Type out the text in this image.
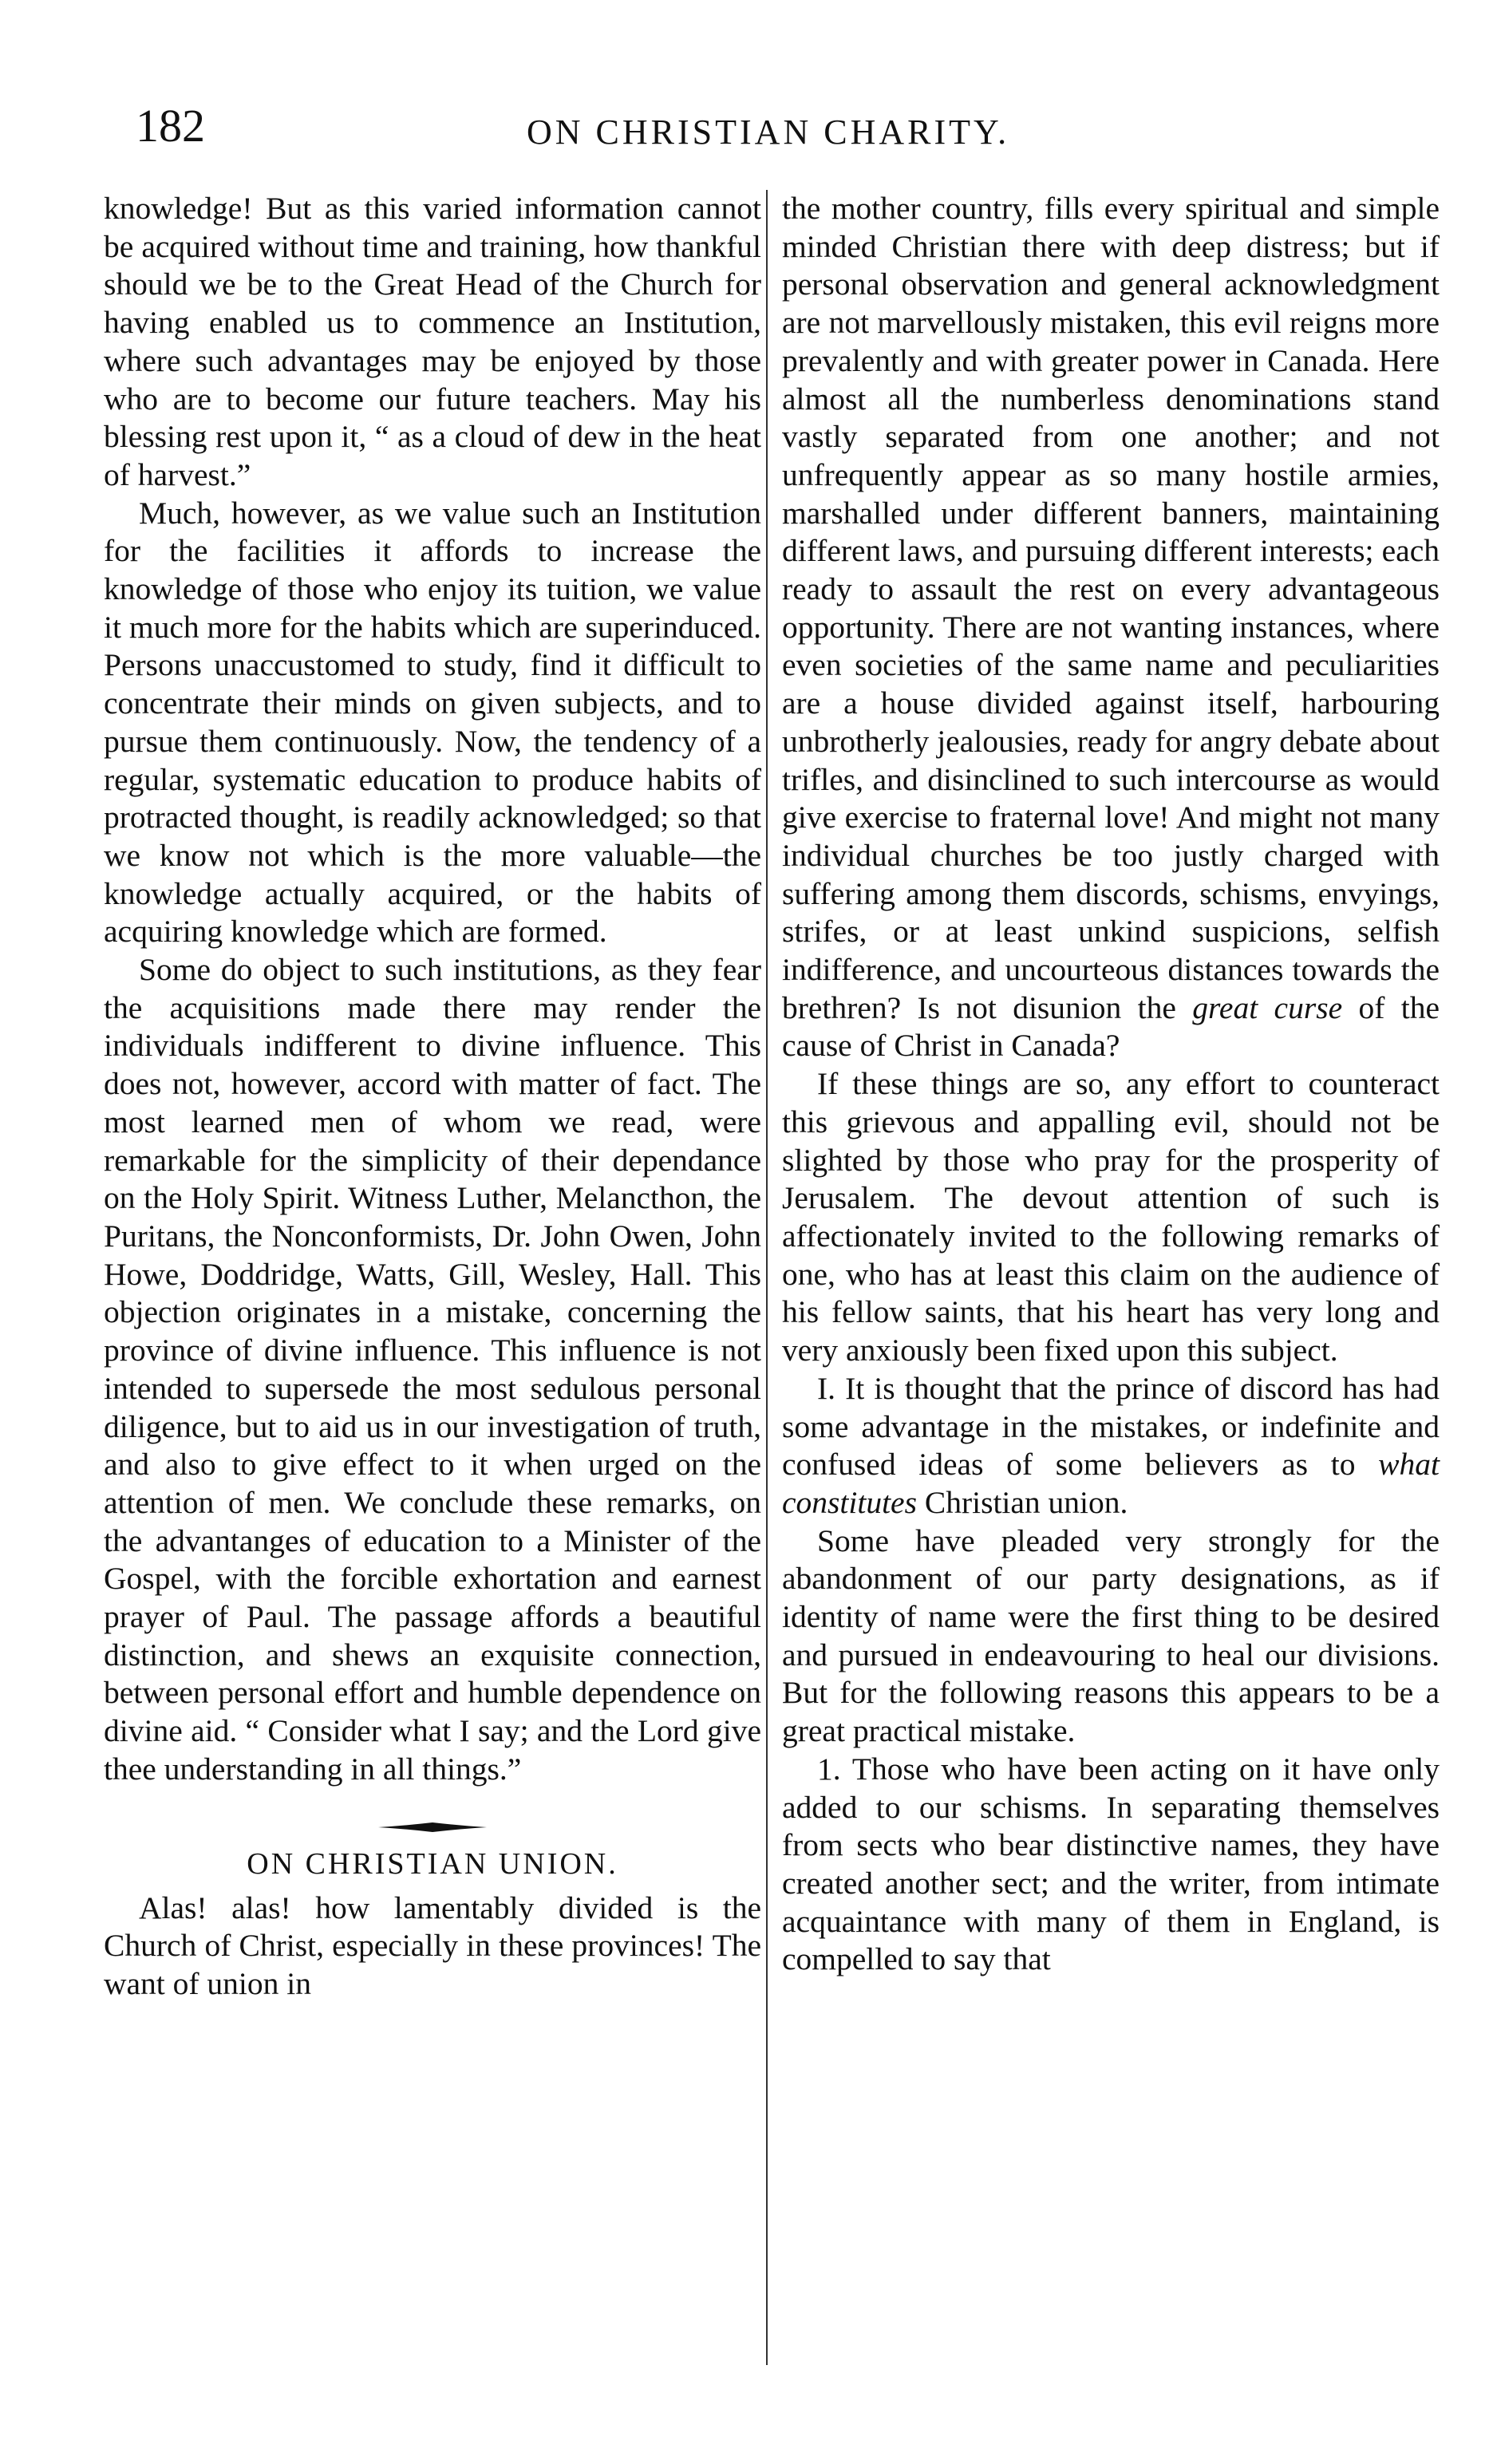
182	ON CHRISTIAN CHARITY.

knowledge! But as this varied information cannot be acquired without time and training, how thankful should we be to the Great Head of the Church for having enabled us to commence an Institution, where such advantages may be enjoyed by those who are to become our future teachers. May his blessing rest upon it, “ as a cloud of dew in the heat of harvest.”

Much, however, as we value such an Institution for the facilities it affords to increase the knowledge of those who enjoy its tuition, we value it much more for the habits which are superinduced. Persons unaccustomed to study, find it difficult to concentrate their minds on given subjects, and to pursue them continuously. Now, the tendency of a regular, systematic education to produce habits of protracted thought, is readily acknowledged; so that we know not which is the more valuable—the knowledge actually acquired, or the habits of acquiring knowledge which are formed.

Some do object to such institutions, as they fear the acquisitions made there may render the individuals indifferent to divine influence. This does not, however, accord with matter of fact. The most learned men of whom we read, were remarkable for the simplicity of their dependance on the Holy Spirit. Witness Luther, Melancthon, the Puritans, the Nonconformists, Dr. John Owen, John Howe, Doddridge, Watts, Gill, Wesley, Hall. This objection originates in a mistake, concerning the province of divine influence. This influence is not intended to supersede the most sedulous personal diligence, but to aid us in our investigation of truth, and also to give effect to it when urged on the attention of men. We conclude these remarks, on the advantanges of education to a Minister of the Gospel, with the forcible exhortation and earnest prayer of Paul. The passage affords a beautiful distinction, and shews an exquisite connection, between personal effort and humble dependence on divine aid. “ Consider what I say; and the Lord give thee understanding in all things.”

ON CHRISTIAN UNION.

Alas! alas! how lamentably divided is the Church of Christ, especially in these provinces! The want of union in

the mother country, fills every spiritual and simple minded Christian there with deep distress; but if personal observation and general acknowledgment are not marvellously mistaken, this evil reigns more prevalently and with greater power in Canada. Here almost all the numberless denominations stand vastly separated from one another; and not unfrequently appear as so many hostile armies, marshalled under different banners, maintaining different laws, and pursuing different interests; each ready to assault the rest on every advantageous opportunity. There are not wanting instances, where even societies of the same name and peculiarities are a house divided against itself, harbouring unbrotherly jealousies, ready for angry debate about trifles, and disinclined to such intercourse as would give exercise to fraternal love! And might not many individual churches be too justly charged with suffering among them discords, schisms, envyings, strifes, or at least unkind suspicions, selfish indifference, and uncourteous distances towards the brethren? Is not disunion the great curse of the cause of Christ in Canada?

If these things are so, any effort to counteract this grievous and appalling evil, should not be slighted by those who pray for the prosperity of Jerusalem. The devout attention of such is affectionately invited to the following remarks of one, who has at least this claim on the audience of his fellow saints, that his heart has very long and very anxiously been fixed upon this subject.

I. It is thought that the prince of discord has had some advantage in the mistakes, or indefinite and confused ideas of some believers as to what constitutes Christian union.

Some have pleaded very strongly for the abandonment of our party designations, as if identity of name were the first thing to be desired and pursued in endeavouring to heal our divisions. But for the following reasons this appears to be a great practical mistake.

1. Those who have been acting on it have only added to our schisms. In separating themselves from sects who bear distinctive names, they have created another sect; and the writer, from intimate acquaintance with many of them in England, is compelled to say that
